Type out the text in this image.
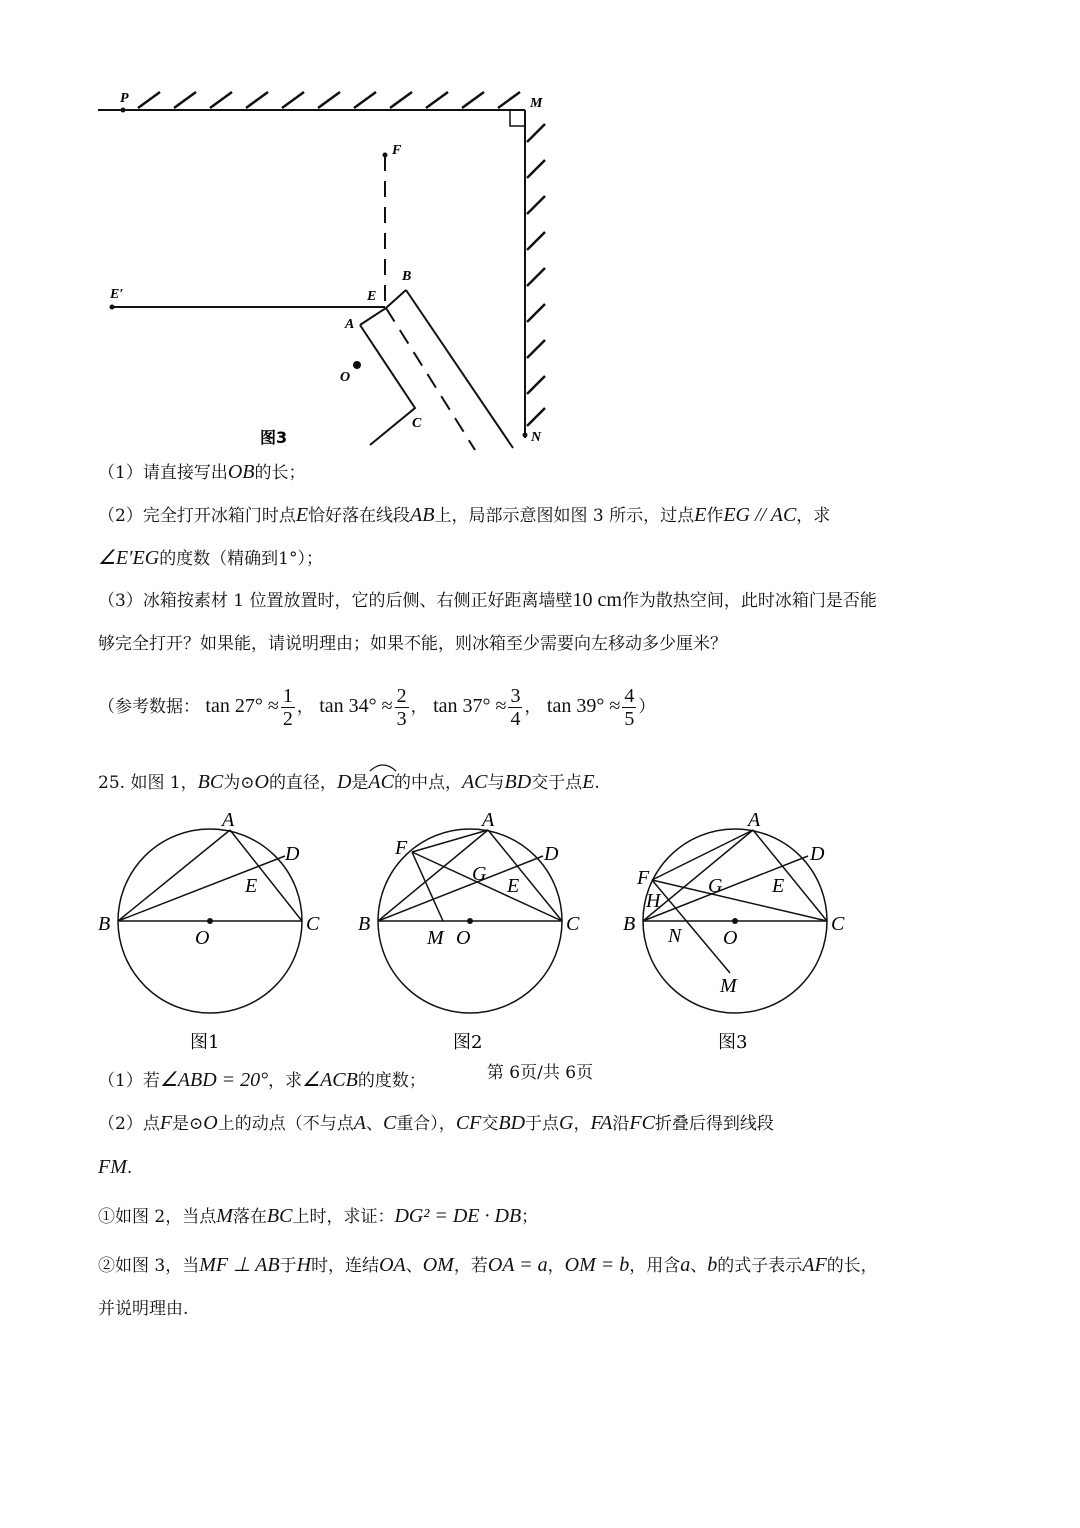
P	M
F
E′	E
B
A
O
C
N
图3
（1）请直接写出OB的长；
（2）完全打开冰箱门时点E恰好落在线段AB上，局部示意图如图 3 所示，过点E作EG // AC，求
∠E′EG的度数（精确到1°）；
（3）冰箱按素材 1 位置放置时，它的后侧、右侧正好距离墙壁10 cm作为散热空间，此时冰箱门是否能
够完全打开？如果能，请说明理由；如果不能，则冰箱至少需要向左移动多少厘米？
（参考数据： $\tan 27^\circ \approx \frac{1}{2}$ ， $\tan 34^\circ \approx \frac{2}{3}$ ， $\tan 37^\circ \approx \frac{3}{4}$ ， $\tan 39^\circ \approx \frac{4}{5}$ ）
25. 如图 1，BC为⊙O的直径，D是
AC的中点，AC与BD交于点E.
A
D
E
B	C
O
图1
A
F	D
G
E
B	C
M O
图2
A
D
F	G E
H
B	C
N O
M
图3
（1）若∠ABD = 20°，求∠ACB的度数；
（2）点F是⊙O上的动点（不与点A、C重合），CF交BD于点G，FA沿FC折叠后得到线段
FM.
①如图 2，当点M落在BC上时，求证：DG² = DE · DB；
②如图 3，当MF ⊥ AB于H时，连结OA、OM，若OA = a，OM = b，用含a、b的式子表示AF的长，
并说明理由.
第 6页/共 6页
